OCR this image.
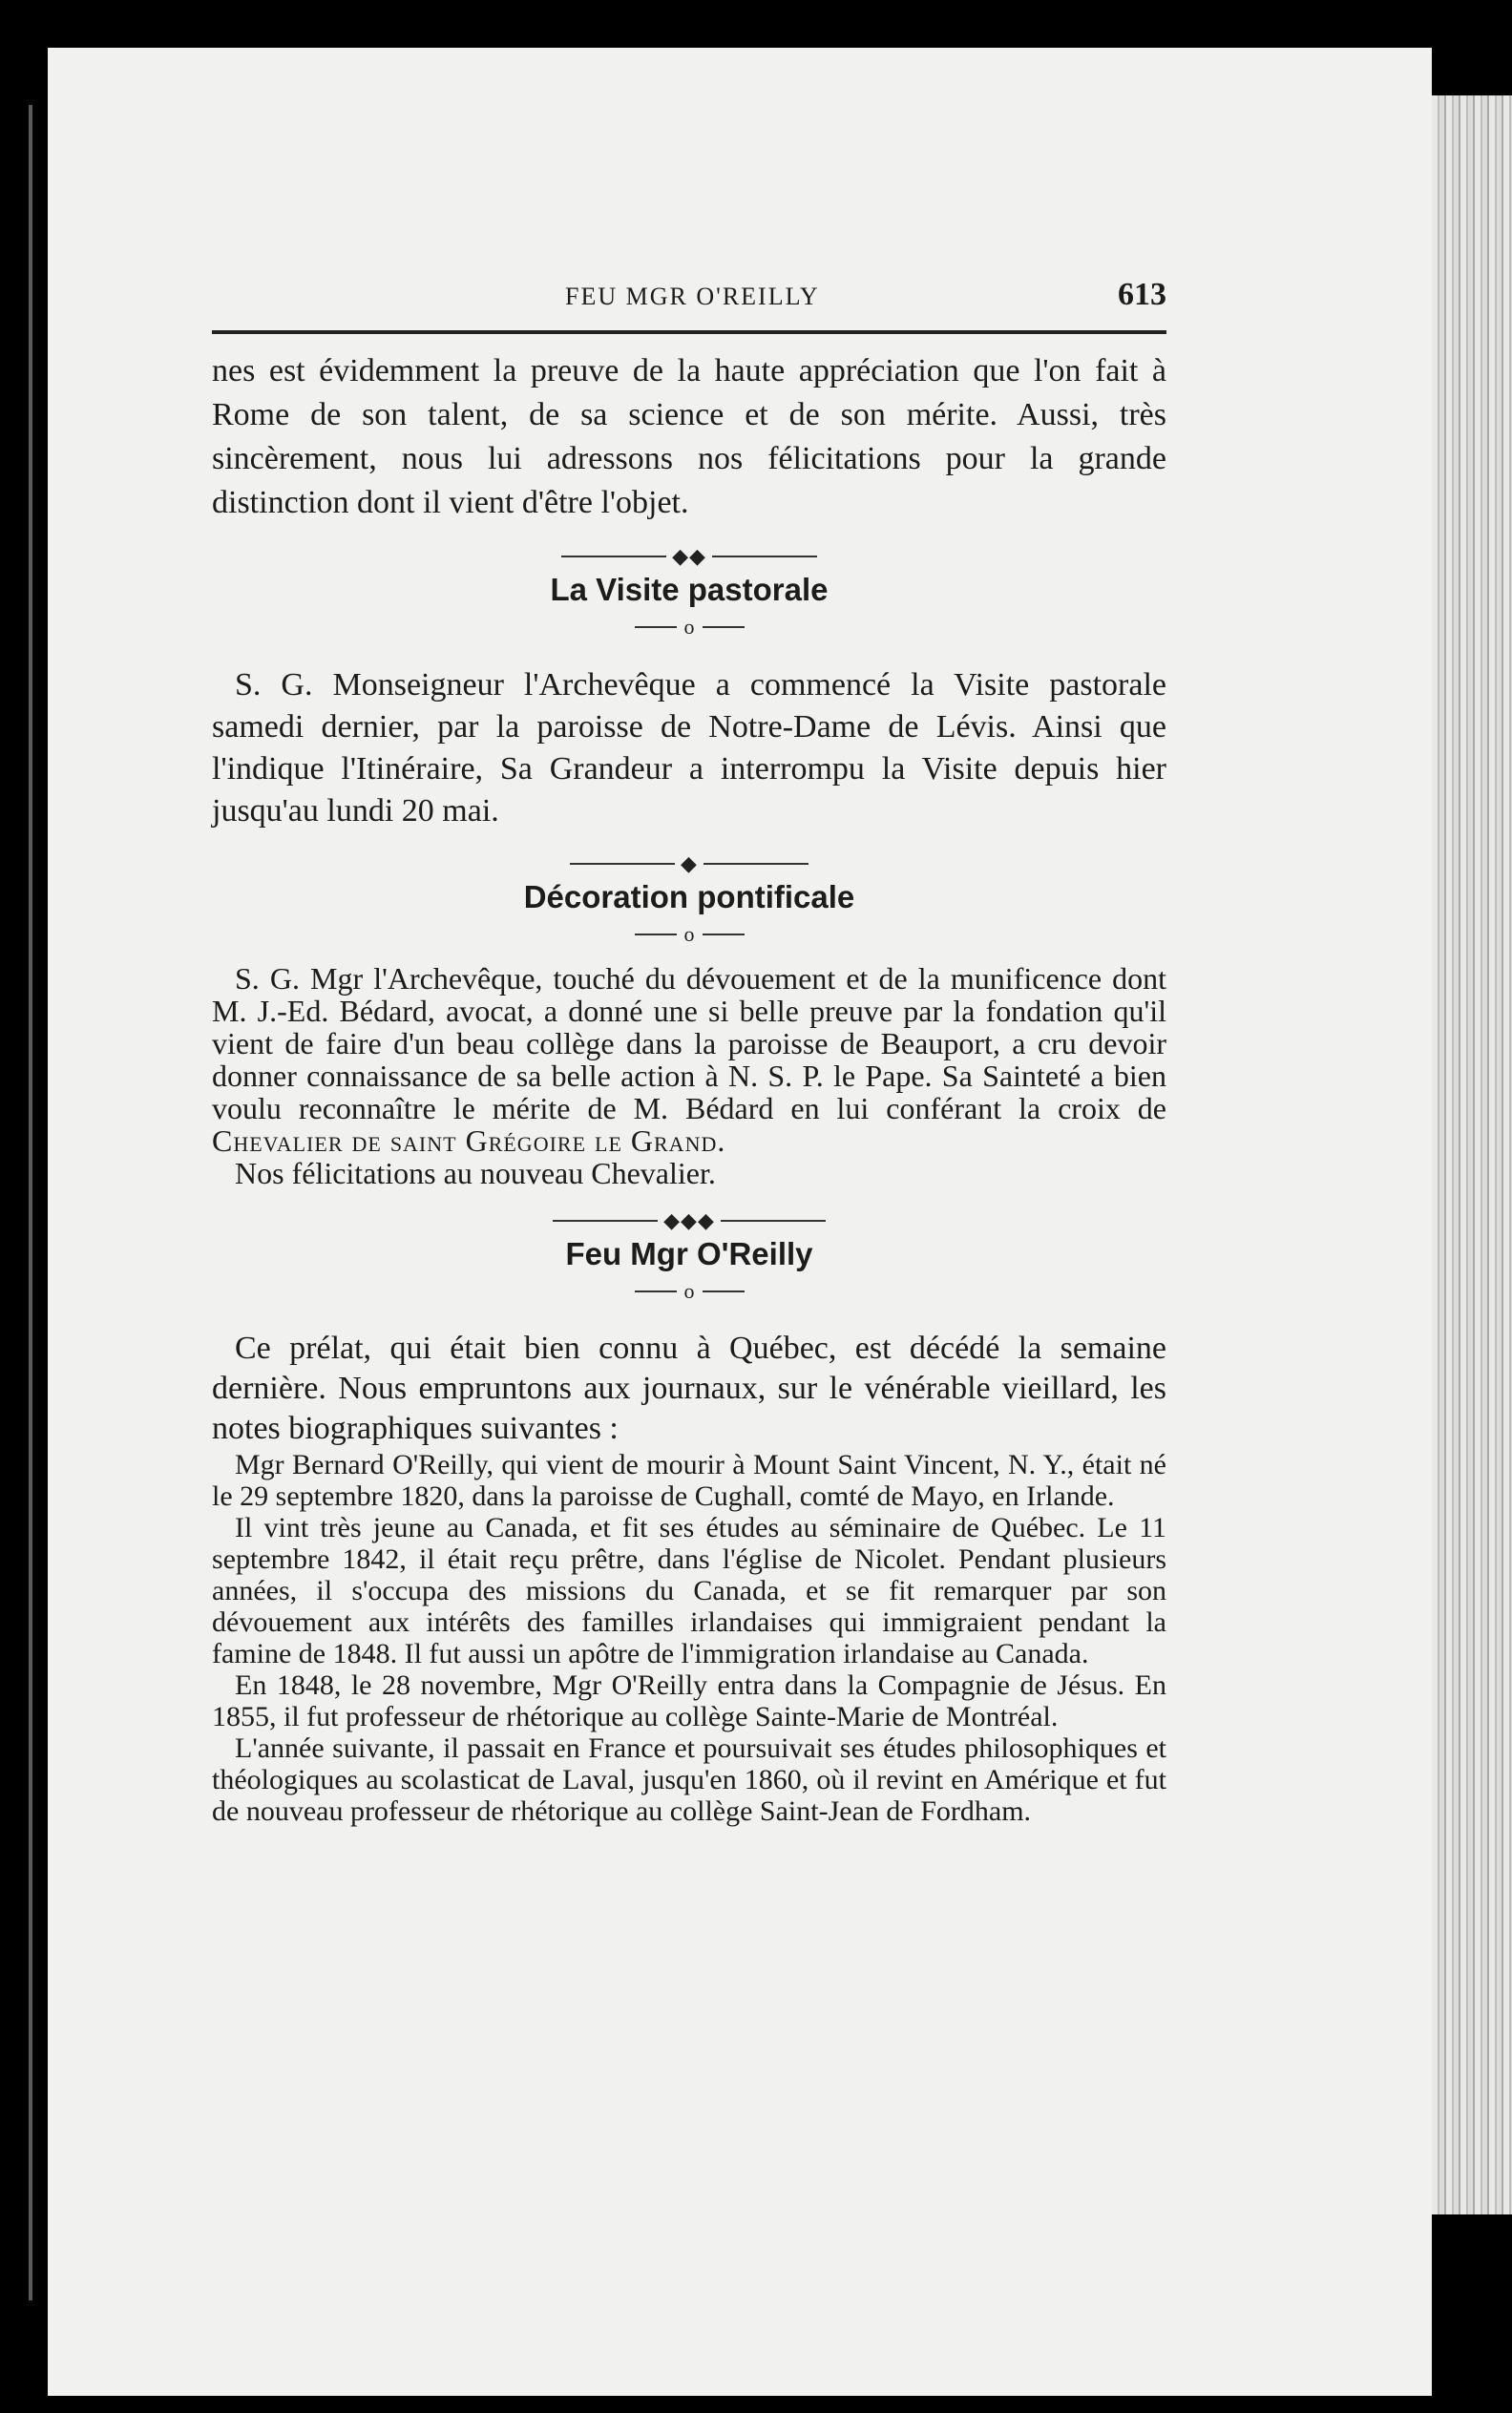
FEU MGR O'REILLY	613

nes est évidemment la preuve de la haute appréciation que l'on fait à Rome de son talent, de sa science et de son mérite. Aussi, très sincèrement, nous lui adressons nos félicitations pour la grande distinction dont il vient d'être l'objet.

◆◆
La Visite pastorale
o

S. G. Monseigneur l'Archevêque a commencé la Visite pastorale samedi dernier, par la paroisse de Notre-Dame de Lévis. Ainsi que l'indique l'Itinéraire, Sa Grandeur a interrompu la Visite depuis hier jusqu'au lundi 20 mai.

◆
Décoration pontificale
o

S. G. Mgr l'Archevêque, touché du dévouement et de la munificence dont M. J.-Ed. Bédard, avocat, a donné une si belle preuve par la fondation qu'il vient de faire d'un beau collège dans la paroisse de Beauport, a cru devoir donner connaissance de sa belle action à N. S. P. le Pape. Sa Sainteté a bien voulu reconnaître le mérite de M. Bédard en lui conférant la croix de Chevalier de saint Grégoire le Grand.

Nos félicitations au nouveau Chevalier.

◆◆◆
Feu Mgr O'Reilly
o

Ce prélat, qui était bien connu à Québec, est décédé la semaine dernière. Nous empruntons aux journaux, sur le vénérable vieillard, les notes biographiques suivantes :

Mgr Bernard O'Reilly, qui vient de mourir à Mount Saint Vincent, N. Y., était né le 29 septembre 1820, dans la paroisse de Cughall, comté de Mayo, en Irlande.

Il vint très jeune au Canada, et fit ses études au séminaire de Québec. Le 11 septembre 1842, il était reçu prêtre, dans l'église de Nicolet. Pendant plusieurs années, il s'occupa des missions du Canada, et se fit remarquer par son dévouement aux intérêts des familles irlandaises qui immigraient pendant la famine de 1848. Il fut aussi un apôtre de l'immigration irlandaise au Canada.

En 1848, le 28 novembre, Mgr O'Reilly entra dans la Compagnie de Jésus. En 1855, il fut professeur de rhétorique au collège Sainte-Marie de Montréal.

L'année suivante, il passait en France et poursuivait ses études philosophiques et théologiques au scolasticat de Laval, jusqu'en 1860, où il revint en Amérique et fut de nouveau professeur de rhétorique au collège Saint-Jean de Fordham.
